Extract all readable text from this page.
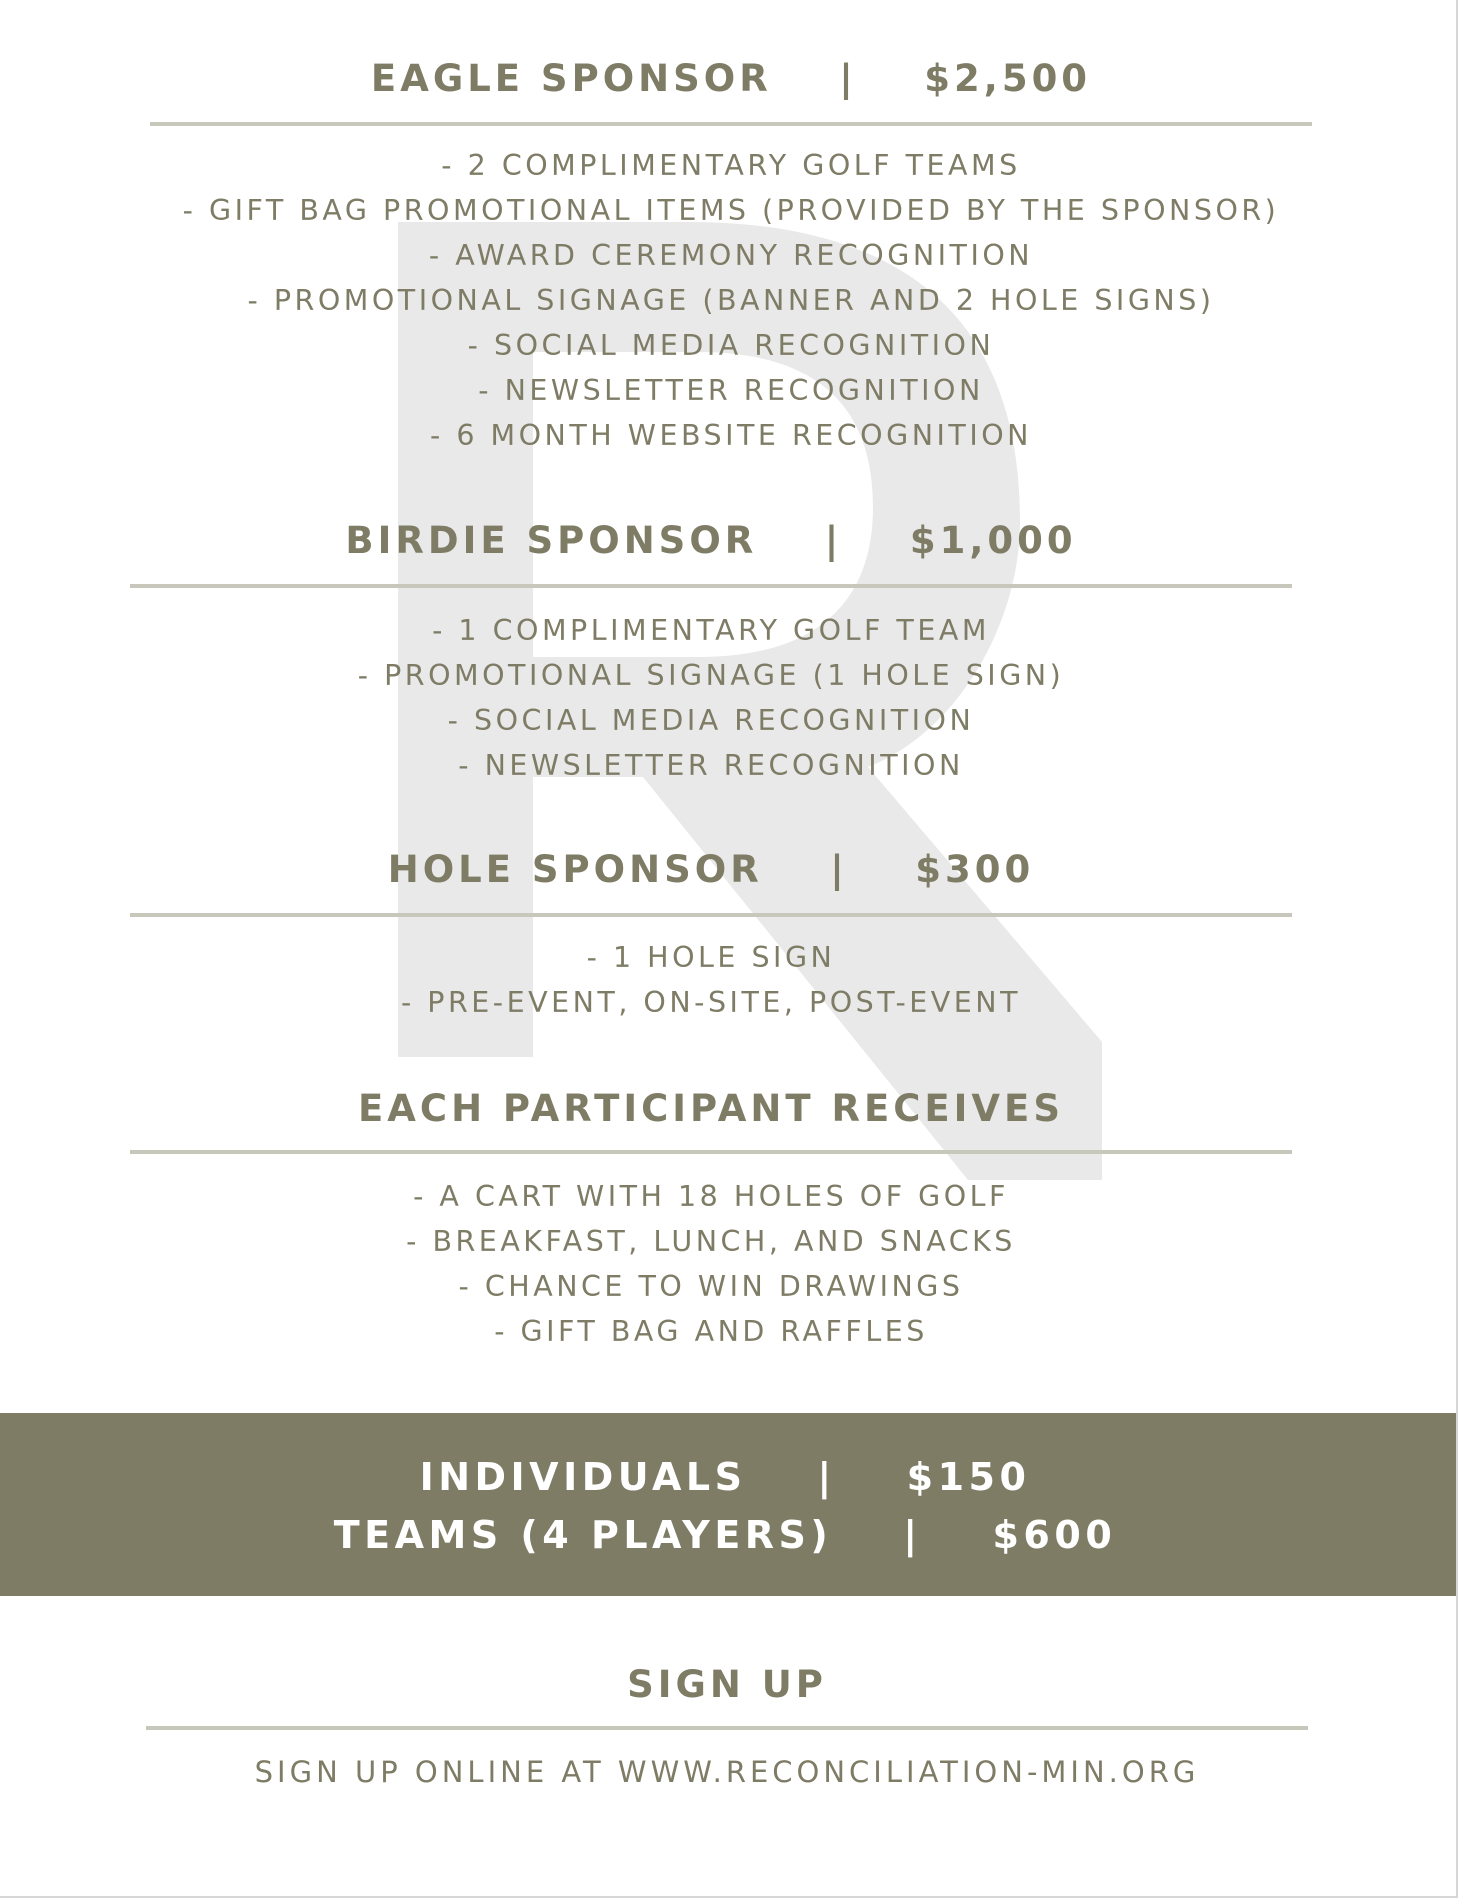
EAGLE SPONSOR    |    $2,500
- 2 COMPLIMENTARY GOLF TEAMS
- GIFT BAG PROMOTIONAL ITEMS (PROVIDED BY THE SPONSOR)
- AWARD CEREMONY RECOGNITION
- PROMOTIONAL SIGNAGE (BANNER AND 2 HOLE SIGNS)
- SOCIAL MEDIA RECOGNITION
- NEWSLETTER RECOGNITION
- 6 MONTH WEBSITE RECOGNITION
BIRDIE SPONSOR    |    $1,000
- 1 COMPLIMENTARY GOLF TEAM
- PROMOTIONAL SIGNAGE (1 HOLE SIGN)
- SOCIAL MEDIA RECOGNITION
- NEWSLETTER RECOGNITION
HOLE SPONSOR    |    $300
- 1 HOLE SIGN
- PRE-EVENT, ON-SITE, POST-EVENT
EACH PARTICIPANT RECEIVES
- A CART WITH 18 HOLES OF GOLF
- BREAKFAST, LUNCH, AND SNACKS
- CHANCE TO WIN DRAWINGS
- GIFT BAG AND RAFFLES
INDIVIDUALS    |    $150
TEAMS (4 PLAYERS)    |    $600
SIGN UP
SIGN UP ONLINE AT WWW.RECONCILIATION-MIN.ORG
